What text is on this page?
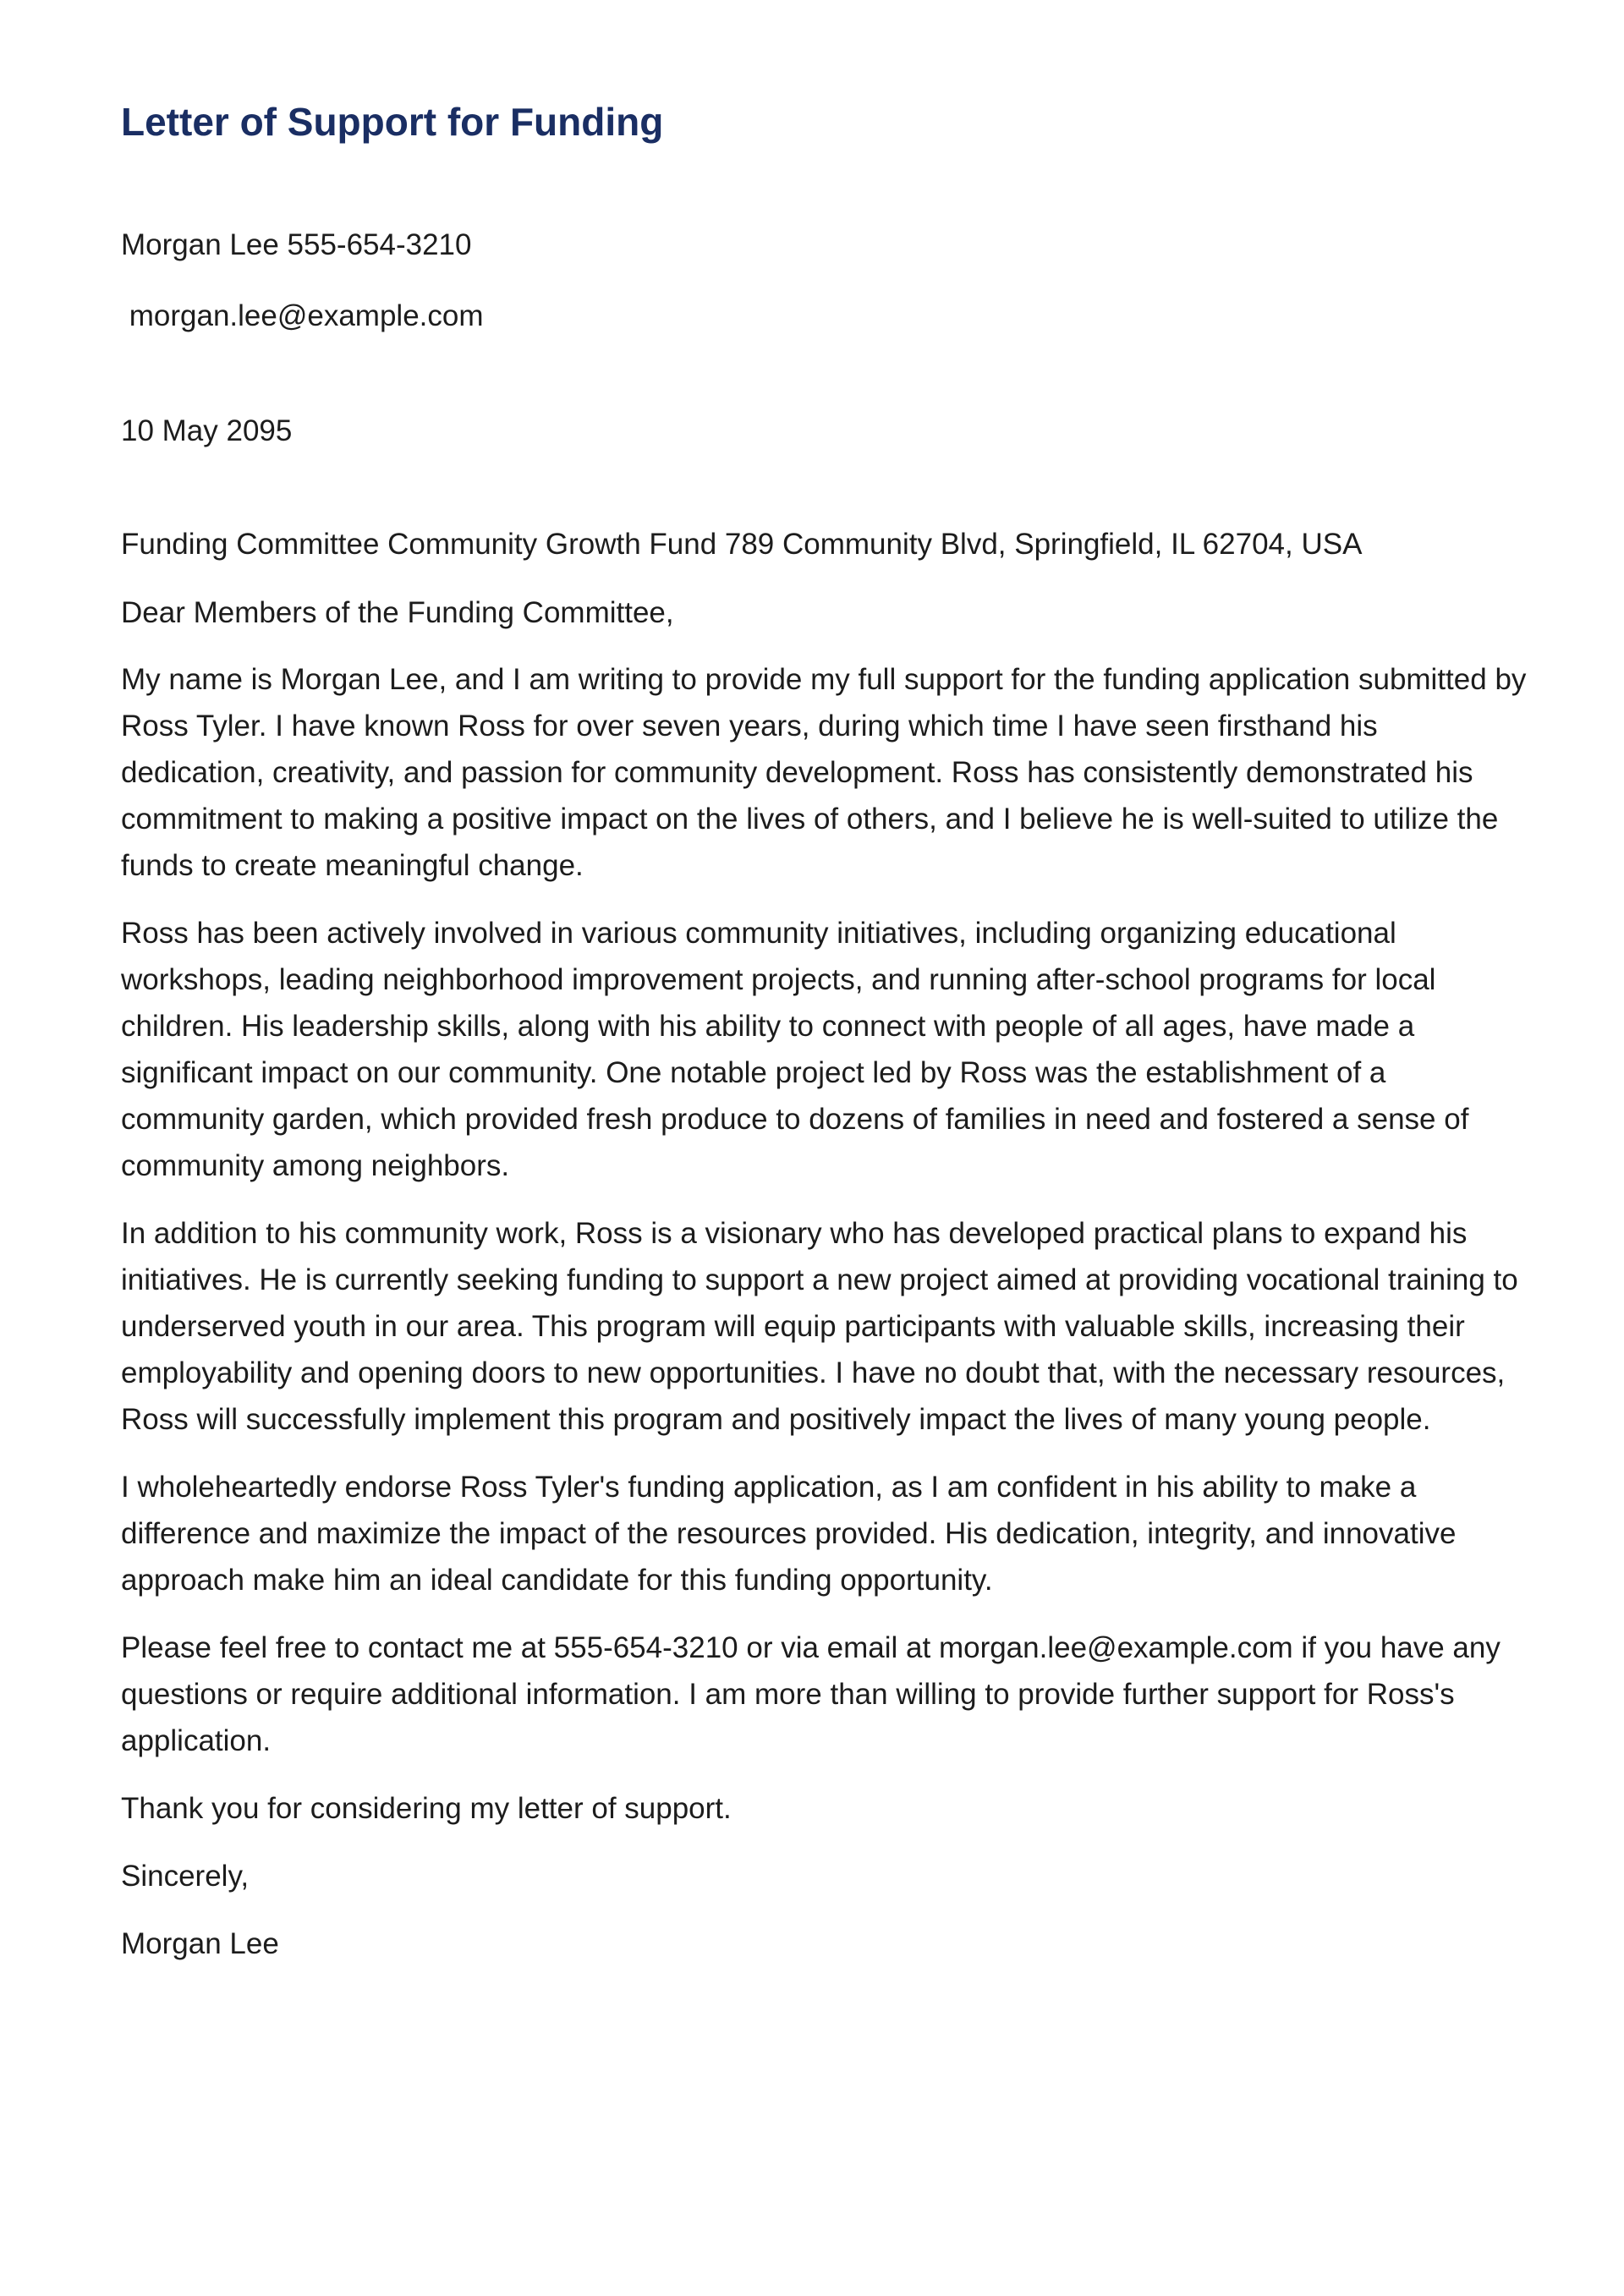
Letter of Support for Funding

Morgan Lee 555-654-3210

morgan.lee@example.com

10 May 2095

Funding Committee Community Growth Fund 789 Community Blvd, Springfield, IL 62704, USA

Dear Members of the Funding Committee,

My name is Morgan Lee, and I am writing to provide my full support for the funding application submitted by Ross Tyler. I have known Ross for over seven years, during which time I have seen firsthand his dedication, creativity, and passion for community development. Ross has consistently demonstrated his commitment to making a positive impact on the lives of others, and I believe he is well-suited to utilize the funds to create meaningful change.

Ross has been actively involved in various community initiatives, including organizing educational workshops, leading neighborhood improvement projects, and running after-school programs for local children. His leadership skills, along with his ability to connect with people of all ages, have made a significant impact on our community. One notable project led by Ross was the establishment of a community garden, which provided fresh produce to dozens of families in need and fostered a sense of community among neighbors.

In addition to his community work, Ross is a visionary who has developed practical plans to expand his initiatives. He is currently seeking funding to support a new project aimed at providing vocational training to underserved youth in our area. This program will equip participants with valuable skills, increasing their employability and opening doors to new opportunities. I have no doubt that, with the necessary resources, Ross will successfully implement this program and positively impact the lives of many young people.

I wholeheartedly endorse Ross Tyler's funding application, as I am confident in his ability to make a difference and maximize the impact of the resources provided. His dedication, integrity, and innovative approach make him an ideal candidate for this funding opportunity.

Please feel free to contact me at 555-654-3210 or via email at morgan.lee@example.com if you have any questions or require additional information. I am more than willing to provide further support for Ross's application.

Thank you for considering my letter of support.

Sincerely,

Morgan Lee
